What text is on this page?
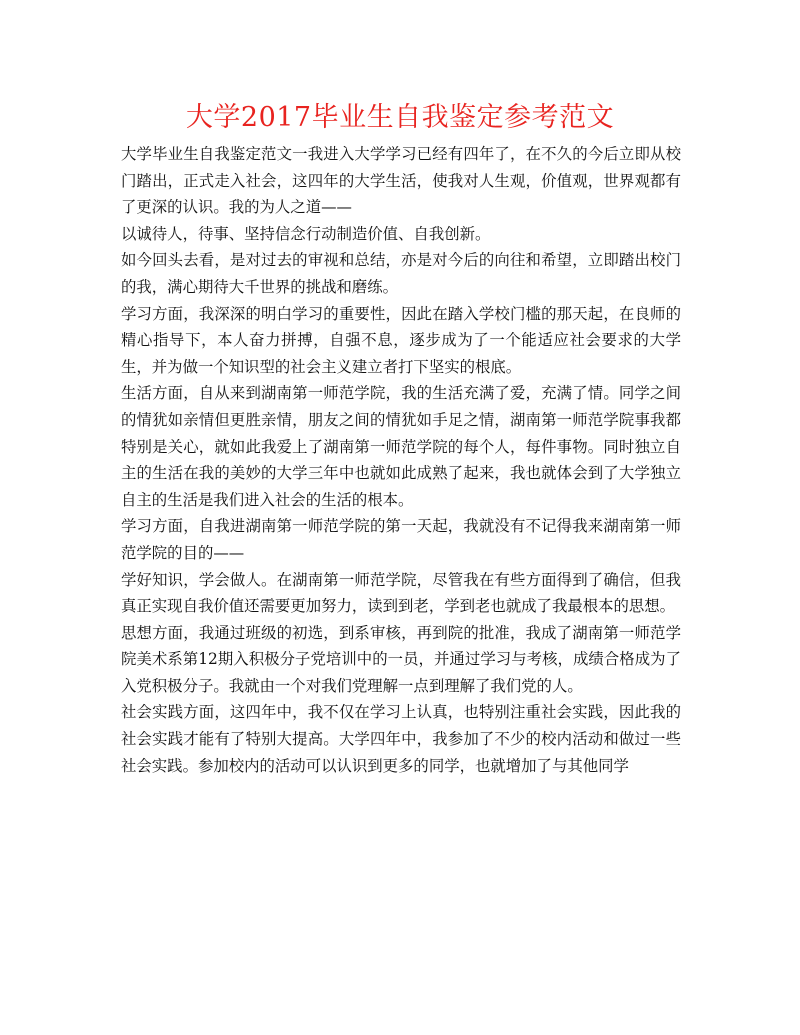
大学2017毕业生自我鉴定参考范文

大学毕业生自我鉴定范文一我进入大学学习已经有四年了，在不久的今后立即从校门踏出，正式走入社会，这四年的大学生活，使我对人生观，价值观，世界观都有了更深的认识。我的为人之道——

以诚待人，待事、坚持信念行动制造价值、自我创新。

如今回头去看，是对过去的审视和总结，亦是对今后的向往和希望，立即踏出校门的我，满心期待大千世界的挑战和磨练。

学习方面，我深深的明白学习的重要性，因此在踏入学校门槛的那天起，在良师的精心指导下，本人奋力拼搏，自强不息，逐步成为了一个能适应社会要求的大学生，并为做一个知识型的社会主义建立者打下坚实的根底。

生活方面，自从来到湖南第一师范学院，我的生活充满了爱，充满了情。同学之间的情犹如亲情但更胜亲情，朋友之间的情犹如手足之情，湖南第一师范学院事我都特别是关心，就如此我爱上了湖南第一师范学院的每个人，每件事物。同时独立自主的生活在我的美妙的大学三年中也就如此成熟了起来，我也就体会到了大学独立自主的生活是我们进入社会的生活的根本。

学习方面，自我进湖南第一师范学院的第一天起，我就没有不记得我来湖南第一师范学院的目的——

学好知识，学会做人。在湖南第一师范学院，尽管我在有些方面得到了确信，但我真正实现自我价值还需要更加努力，读到到老，学到老也就成了我最根本的思想。

思想方面，我通过班级的初选，到系审核，再到院的批准，我成了湖南第一师范学院美术系第12期入积极分子党培训中的一员，并通过学习与考核，成绩合格成为了入党积极分子。我就由一个对我们党理解一点到理解了我们党的人。

社会实践方面，这四年中，我不仅在学习上认真，也特别注重社会实践，因此我的社会实践才能有了特别大提高。大学四年中，我参加了不少的校内活动和做过一些社会实践。参加校内的活动可以认识到更多的同学，也就增加了与其他同学
